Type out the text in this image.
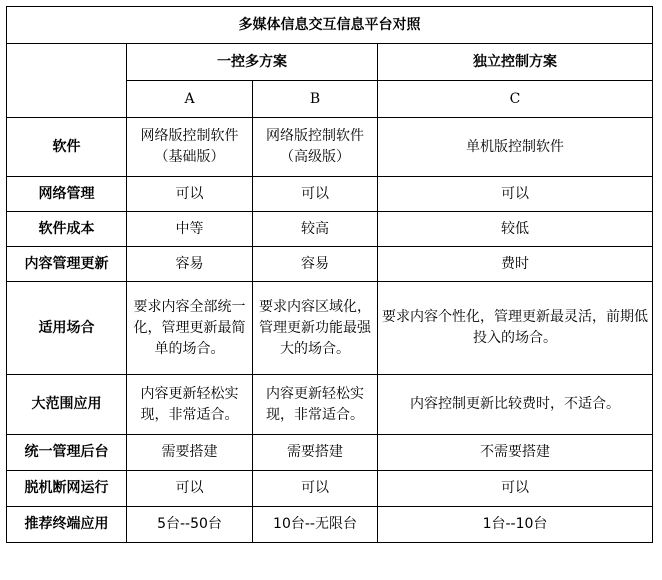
多媒体信息交互信息平台对照			
	一控多方案		独立控制方案
	A	B	C
软件	网络版控制软件（基础版）	网络版控制软件（高级版）	单机版控制软件
网络管理	可以	可以	可以
软件成本	中等	较高	较低
内容管理更新	容易	容易	费时
适用场合	要求内容全部统一化，管理更新最简单的场合。	要求内容区域化，管理更新功能最强大的场合。	要求内容个性化，管理更新最灵活，前期低投入的场合。
大范围应用	内容更新轻松实现，非常适合。	内容更新轻松实现，非常适合。	内容控制更新比较费时，不适合。
统一管理后台	需要搭建	需要搭建	不需要搭建
脱机断网运行	可以	可以	可以
推荐终端应用	5台--50台	10台--无限台	1台--10台
